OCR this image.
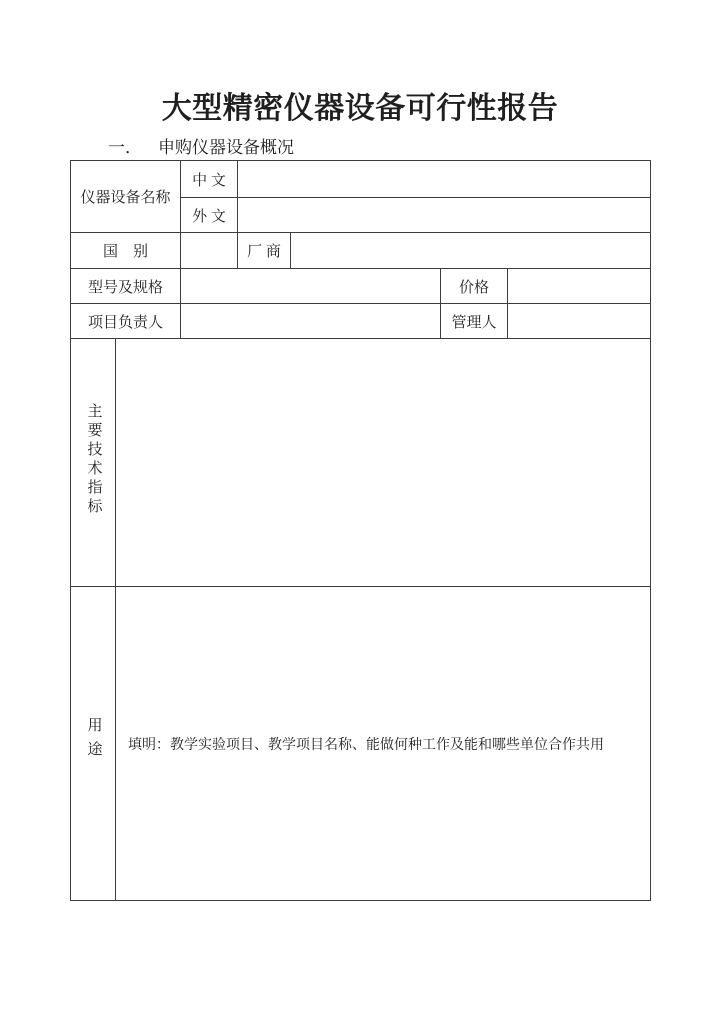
大型精密仪器设备可行性报告
一． 申购仪器设备概况
仪器设备名称		中 文				
		外 文				
国　别			厂 商			
型号及规格					价格	
项目负责人					管理人	
主要技术指标						
用途	填明：教学实验项目、教学项目名称、能做何种工作及能和哪些单位合作共用					
